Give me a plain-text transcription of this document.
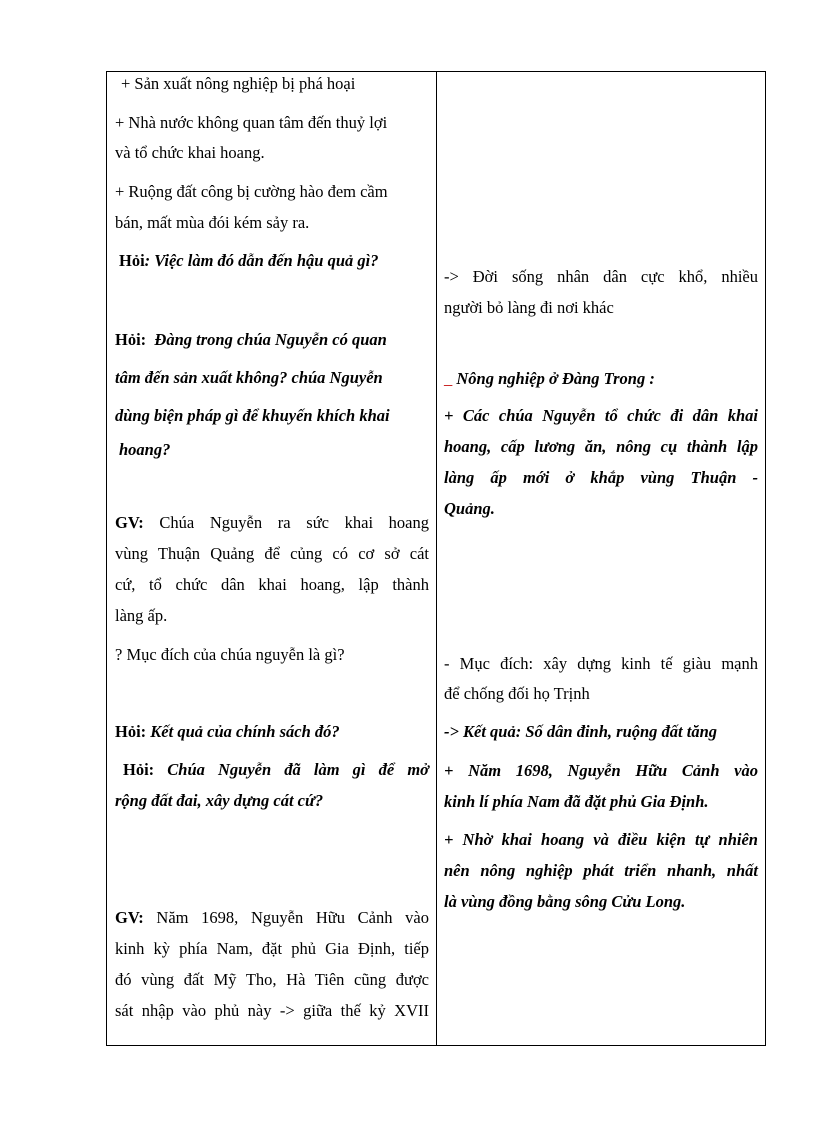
+ Sản xuất nông nghiệp bị phá hoại

+ Nhà nước không quan tâm đến thuỷ lợi

và tổ chức khai hoang.

+ Ruộng đất công bị cường hào đem cầm

bán, mất mùa đói kém sảy ra.

Hỏi: Việc làm đó dẫn đến hậu quả gì?

Hỏi: Đàng trong chúa Nguyễn có quan

tâm đến sản xuất không? chúa Nguyễn

dùng biện pháp gì để khuyến khích khai

hoang?

GV: Chúa Nguyễn ra sức khai hoang

vùng Thuận Quảng để củng có cơ sở cát

cứ, tổ chức dân khai hoang, lập thành

làng ấp.

? Mục đích của chúa nguyễn là gì?

Hỏi: Kết quả của chính sách đó?

Hỏi: Chúa Nguyễn đã làm gì để mở

rộng đất đai, xây dựng cát cứ?

GV: Năm 1698, Nguyễn Hữu Cảnh vào

kinh kỳ phía Nam, đặt phủ Gia Định, tiếp

đó vùng đất Mỹ Tho, Hà Tiên cũng được

sát nhập vào phủ này -> giữa thế kỷ XVII

-> Đời sống nhân dân cực khổ, nhiều

người bỏ làng đi nơi khác

_ Nông nghiệp ở Đàng Trong :

+ Các chúa Nguyễn tổ chức đi dân khai

hoang, cấp lương ăn, nông cụ thành lập

làng ấp mới ở khắp vùng Thuận -

Quảng.

- Mục đích: xây dựng kinh tế giàu mạnh

để chống đối họ Trịnh

-> Kết quả: Số dân đinh, ruộng đất tăng

+ Năm 1698, Nguyễn Hữu Cảnh vào

kinh lí phía Nam đã đặt phủ Gia Định.

+ Nhờ khai hoang và điều kiện tự nhiên

nên nông nghiệp phát triển nhanh, nhất

là vùng đồng bằng sông Cửu Long.
